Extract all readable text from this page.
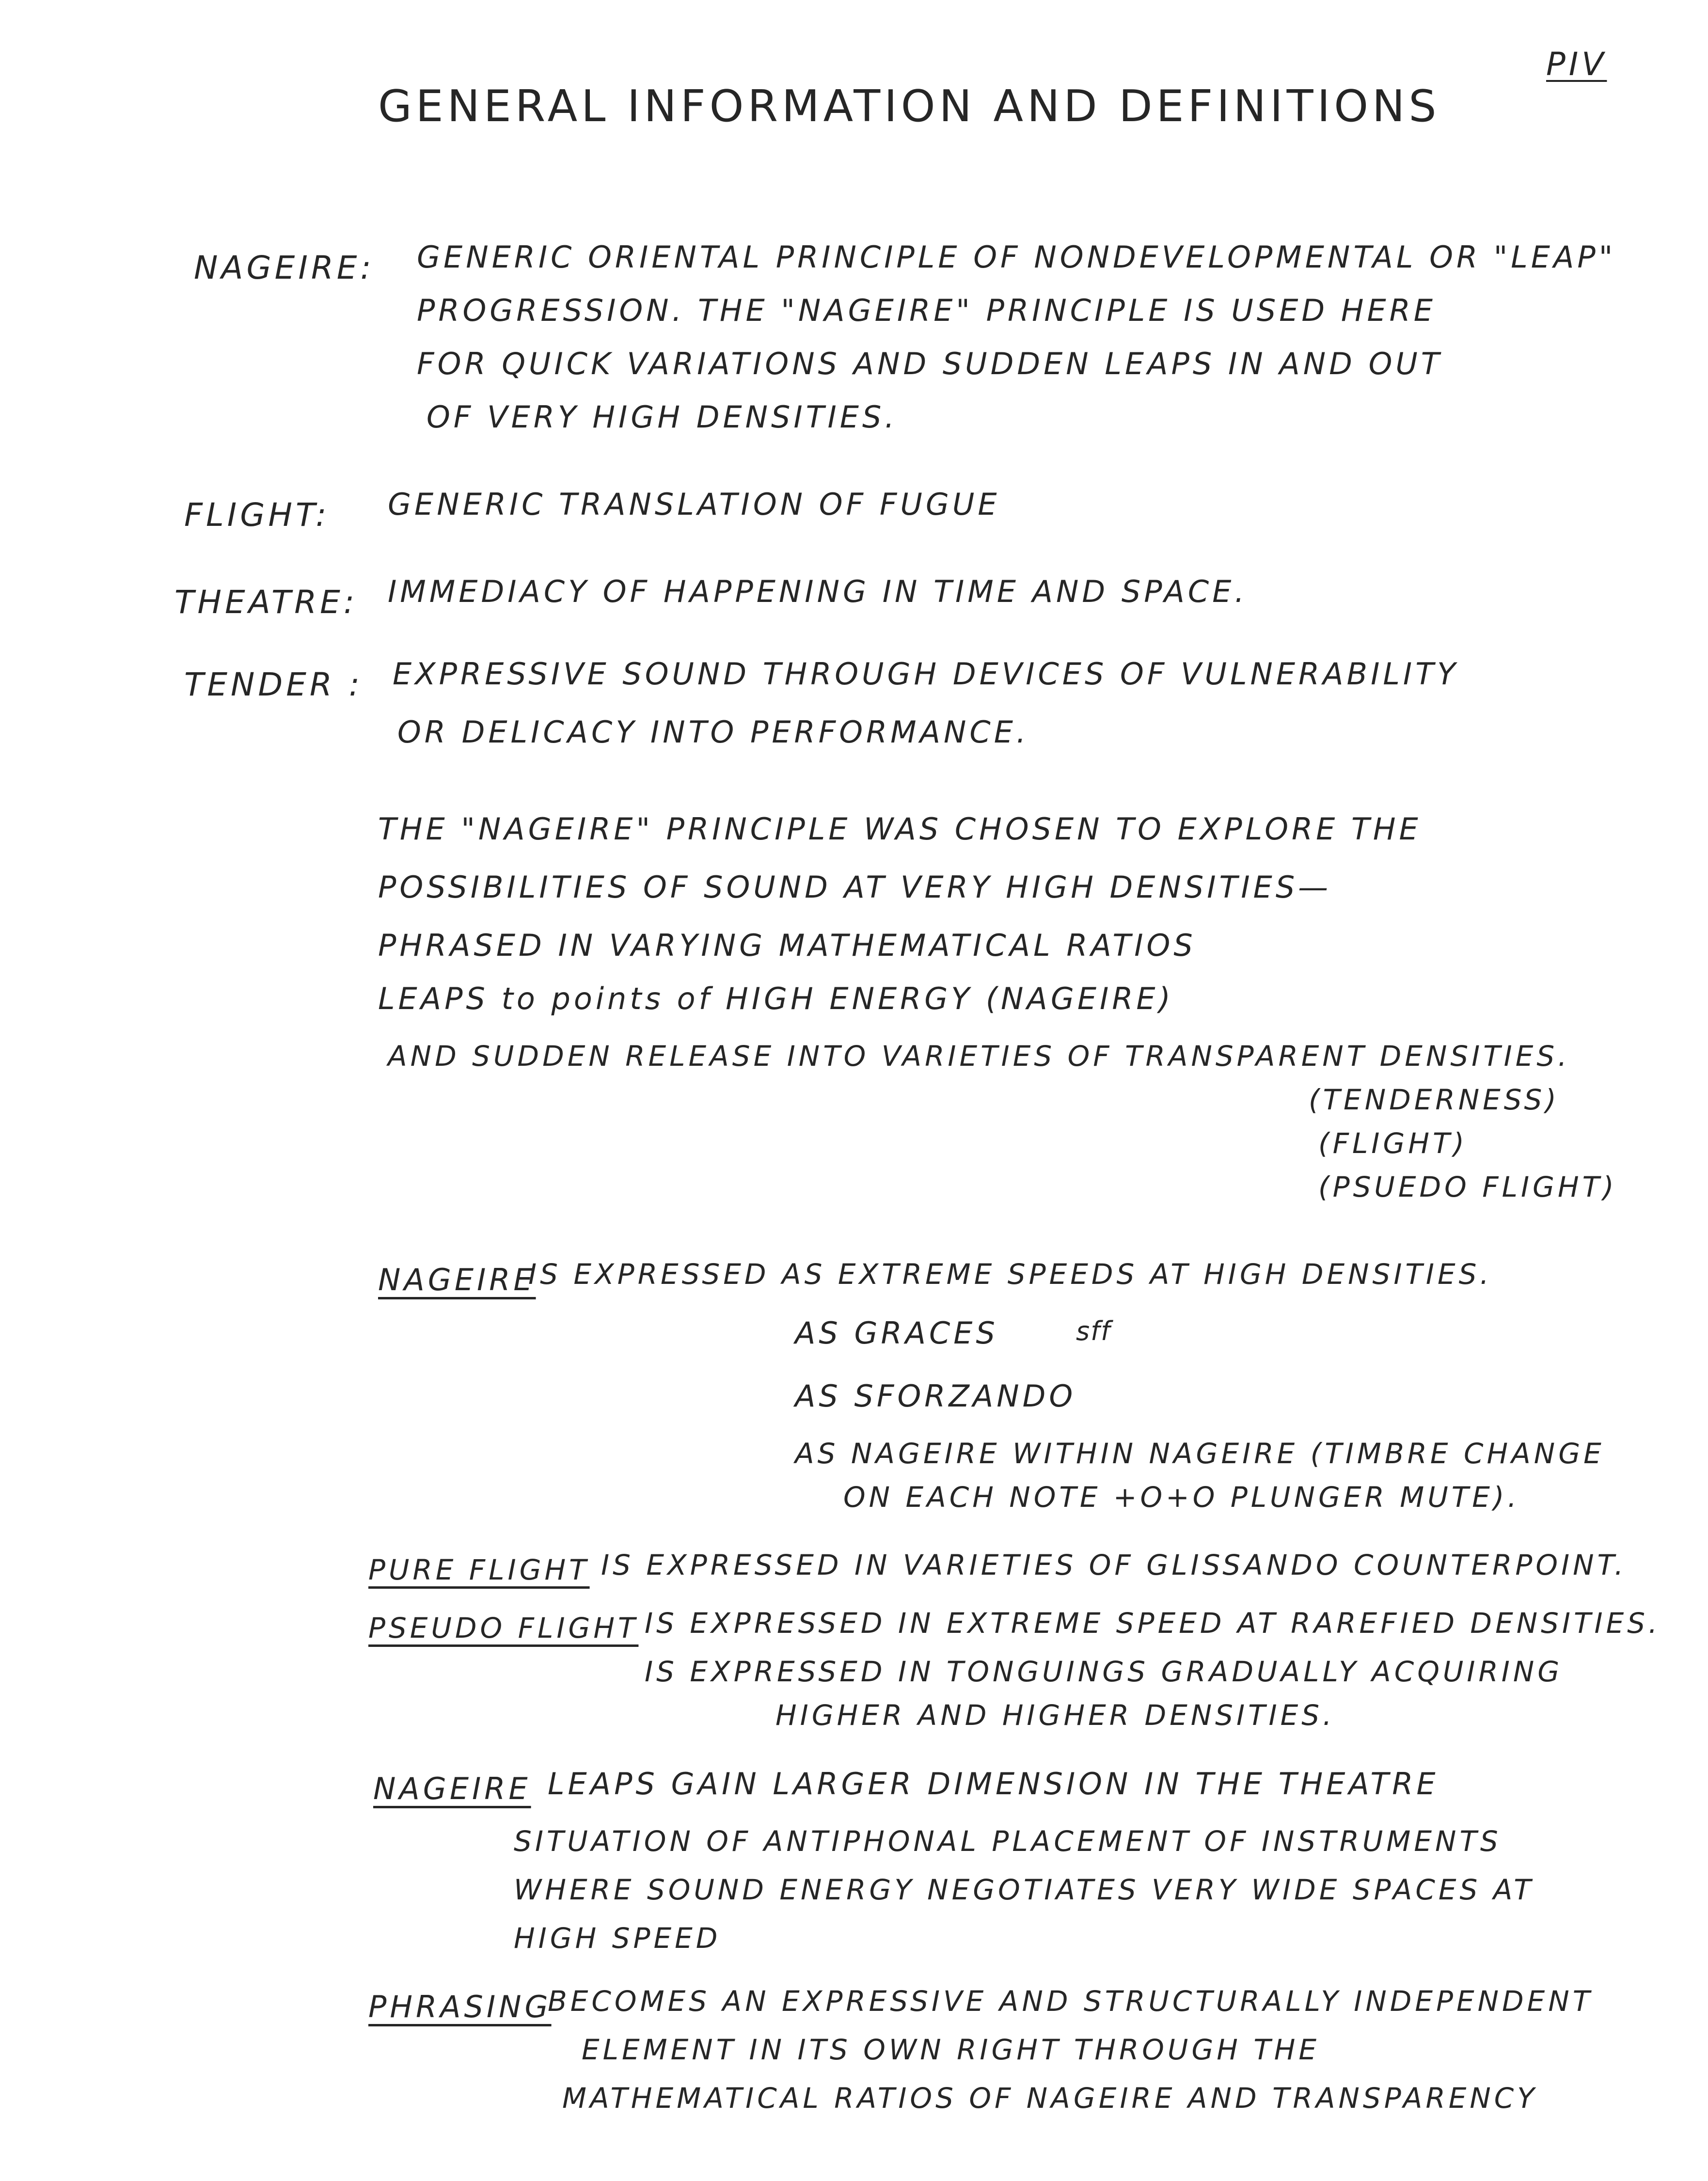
PIV
GENERAL INFORMATION AND DEFINITIONS
NAGEIRE: GENERIC ORIENTAL PRINCIPLE OF NONDEVELOPMENTAL OR "LEAP"
PROGRESSION. THE "NAGEIRE" PRINCIPLE IS USED HERE
FOR QUICK VARIATIONS AND SUDDEN LEAPS IN AND OUT
OF VERY HIGH DENSITIES.
FLIGHT: GENERIC TRANSLATION OF FUGUE
THEATRE: IMMEDIACY OF HAPPENING IN TIME AND SPACE.
TENDER : EXPRESSIVE SOUND THROUGH DEVICES OF VULNERABILITY
OR DELICACY INTO PERFORMANCE.
THE "NAGEIRE" PRINCIPLE WAS CHOSEN TO EXPLORE THE
POSSIBILITIES OF SOUND AT VERY HIGH DENSITIES—
PHRASED IN VARYING MATHEMATICAL RATIOS
LEAPS to points of HIGH ENERGY (NAGEIRE)
AND SUDDEN RELEASE INTO VARIETIES OF TRANSPARENT DENSITIES.
(TENDERNESS)
(FLIGHT)
(PSUEDO FLIGHT)
NAGEIRE
IS EXPRESSED AS EXTREME SPEEDS AT HIGH DENSITIES.
AS GRACES	sff
AS SFORZANDO
AS NAGEIRE WITHIN NAGEIRE (TIMBRE CHANGE
ON EACH NOTE +O+O PLUNGER MUTE).
PURE FLIGHT IS EXPRESSED IN VARIETIES OF GLISSANDO COUNTERPOINT.
PSEUDO FLIGHT IS EXPRESSED IN EXTREME SPEED AT RAREFIED DENSITIES.
IS EXPRESSED IN TONGUINGS GRADUALLY ACQUIRING
HIGHER AND HIGHER DENSITIES.
NAGEIRE LEAPS GAIN LARGER DIMENSION IN THE THEATRE
SITUATION OF ANTIPHONAL PLACEMENT OF INSTRUMENTS
WHERE SOUND ENERGY NEGOTIATES VERY WIDE SPACES AT
HIGH SPEED
PHRASING
BECOMES AN EXPRESSIVE AND STRUCTURALLY INDEPENDENT
ELEMENT IN ITS OWN RIGHT THROUGH THE
MATHEMATICAL RATIOS OF NAGEIRE AND TRANSPARENCY
